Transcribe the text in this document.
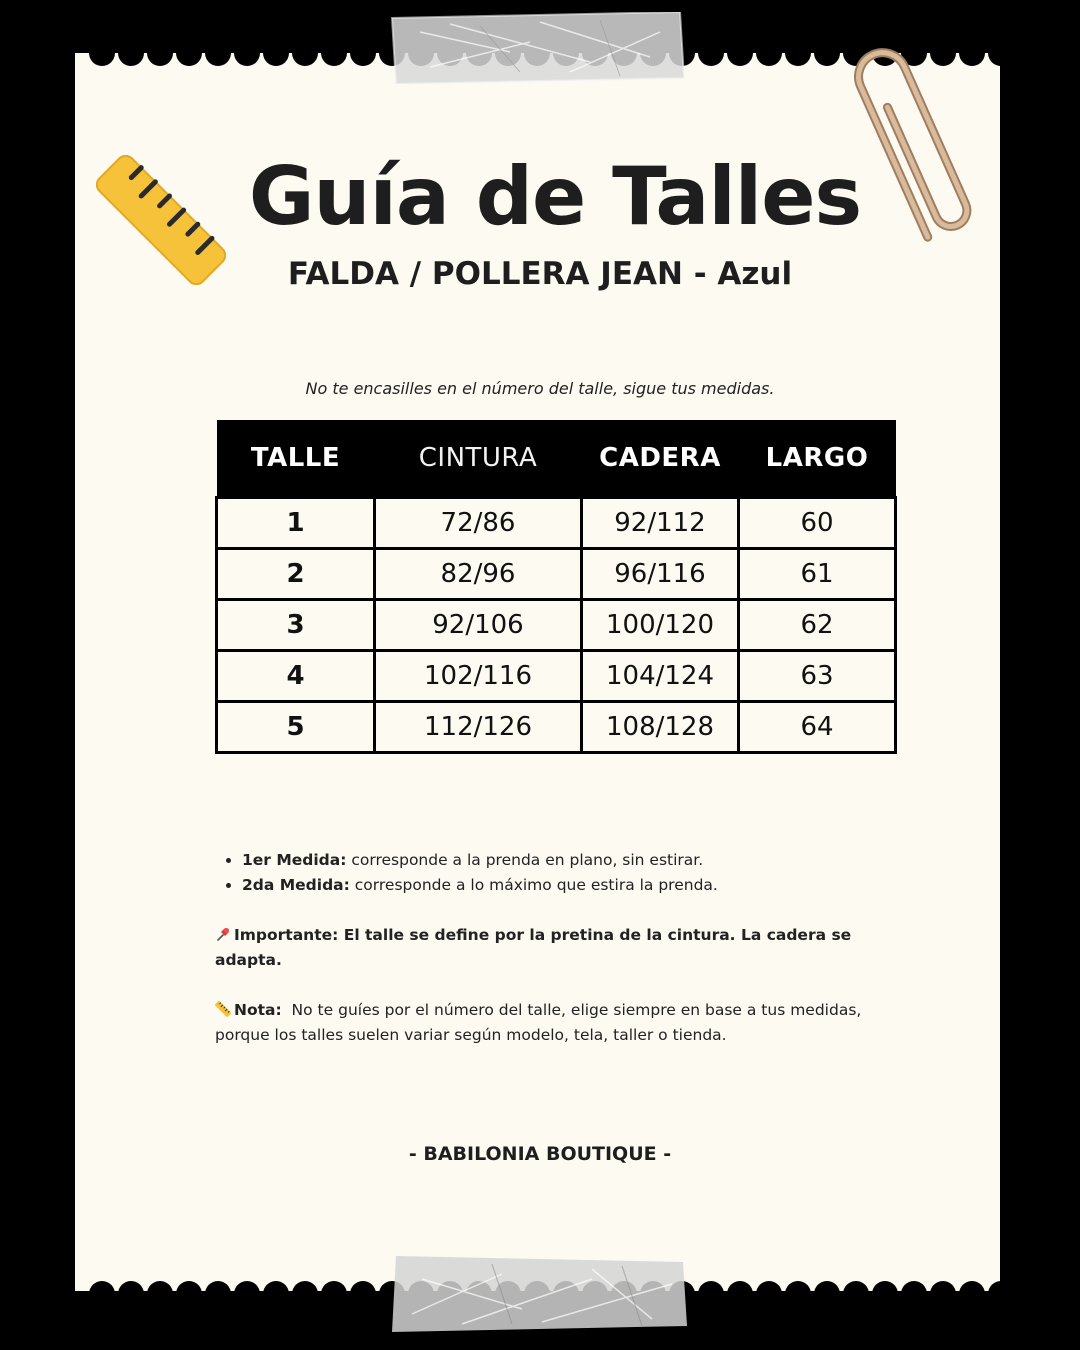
Guía de Talles
FALDA / POLLERA JEAN - Azul

No te encasilles en el número del talle, sigue tus medidas.

TALLE	CINTURA	CADERA	LARGO
1	72/86	92/112	60
2	82/96	96/116	61
3	92/106	100/120	62
4	102/116	104/124	63
5	112/126	108/128	64
• 1er Medida: corresponde a la prenda en plano, sin estirar.
• 2da Medida: corresponde a lo máximo que estira la prenda.

Importante: El talle se define por la pretina de la cintura. La cadera se adapta.

Nota:  No te guíes por el número del talle, elige siempre en base a tus medidas, porque los talles suelen variar según modelo, tela, taller o tienda.

- BABILONIA BOUTIQUE -
